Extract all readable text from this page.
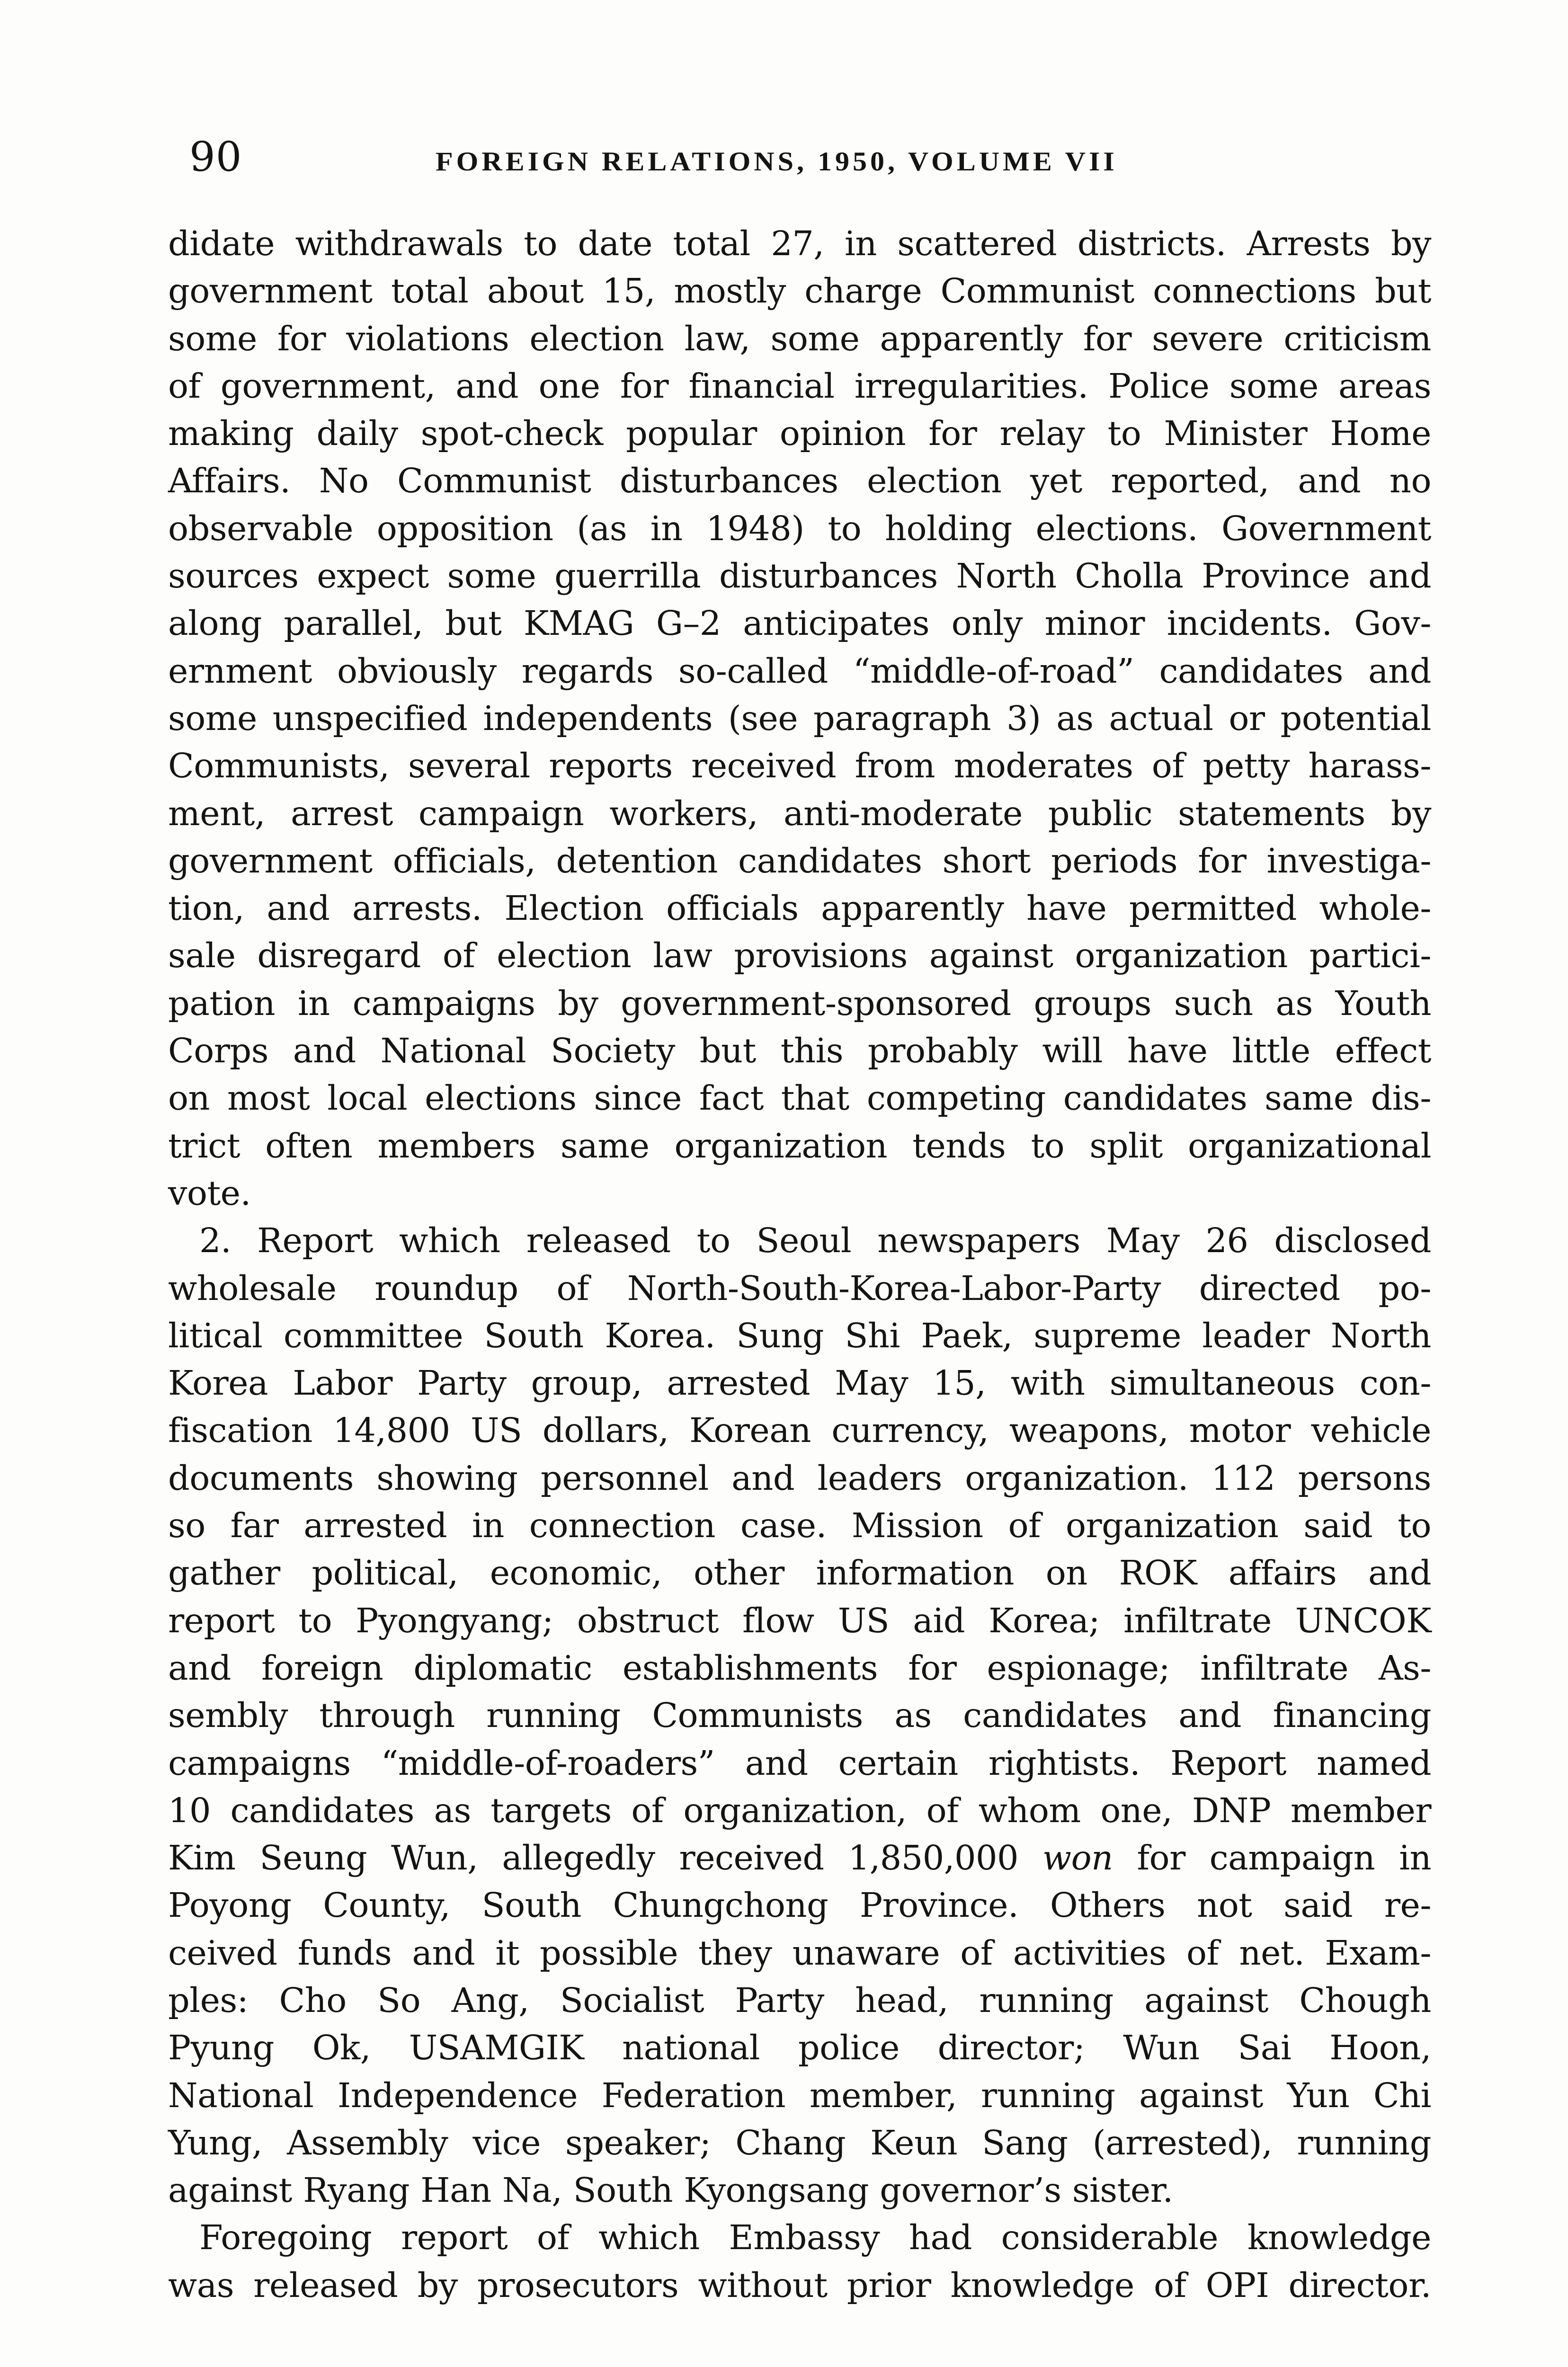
90	FOREIGN RELATIONS, 1950, VOLUME VII
didate withdrawals to date total 27, in scattered districts. Arrests by
government total about 15, mostly charge Communist connections but
some for violations election law, some apparently for severe criticism
of government, and one for financial irregularities. Police some areas
making daily spot-check popular opinion for relay to Minister Home
Affairs. No Communist disturbances election yet reported, and no
observable opposition (as in 1948) to holding elections. Government
sources expect some guerrilla disturbances North Cholla Province and
along parallel, but KMAG G–2 anticipates only minor incidents. Gov-
ernment obviously regards so-called “middle-of-road” candidates and
some unspecified independents (see paragraph 3) as actual or potential
Communists, several reports received from moderates of petty harass-
ment, arrest campaign workers, anti-moderate public statements by
government officials, detention candidates short periods for investiga-
tion, and arrests. Election officials apparently have permitted whole-
sale disregard of election law provisions against organization partici-
pation in campaigns by government-sponsored groups such as Youth
Corps and National Society but this probably will have little effect
on most local elections since fact that competing candidates same dis-
trict often members same organization tends to split organizational
vote.
2. Report which released to Seoul newspapers May 26 disclosed
wholesale roundup of North-South-Korea-Labor-Party directed po-
litical committee South Korea. Sung Shi Paek, supreme leader North
Korea Labor Party group, arrested May 15, with simultaneous con-
fiscation 14,800 US dollars, Korean currency, weapons, motor vehicle
documents showing personnel and leaders organization. 112 persons
so far arrested in connection case. Mission of organization said to
gather political, economic, other information on ROK affairs and
report to Pyongyang; obstruct flow US aid Korea; infiltrate UNCOK
and foreign diplomatic establishments for espionage; infiltrate As-
sembly through running Communists as candidates and financing
campaigns “middle-of-roaders” and certain rightists. Report named
10 candidates as targets of organization, of whom one, DNP member
Kim Seung Wun, allegedly received 1,850,000 won for campaign in
Poyong County, South Chungchong Province. Others not said re-
ceived funds and it possible they unaware of activities of net. Exam-
ples: Cho So Ang, Socialist Party head, running against Chough
Pyung Ok, USAMGIK national police director; Wun Sai Hoon,
National Independence Federation member, running against Yun Chi
Yung, Assembly vice speaker; Chang Keun Sang (arrested), running
against Ryang Han Na, South Kyongsang governor’s sister.
Foregoing report of which Embassy had considerable knowledge
was released by prosecutors without prior knowledge of OPI director.
